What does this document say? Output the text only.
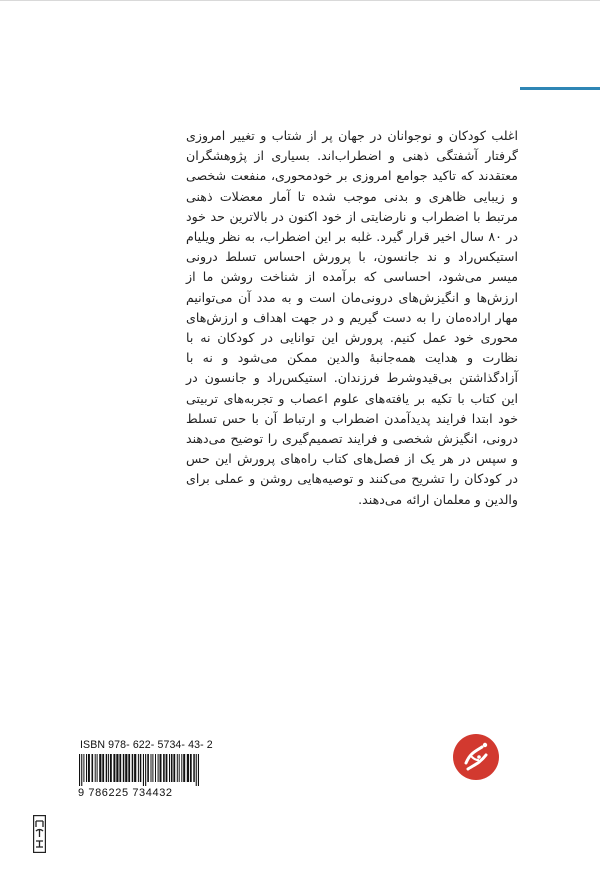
اغلب کودکان و نوجوانان در جهان پر از شتاب و تغییر امروزی گرفتار آشفتگی ذهنی و اضطراب‌اند. بسیاری از پژوهشگران معتقدند که تاکید جوامع امروزی بر خودمحوری، منفعت شخصی و زیبایی ظاهری و بدنی موجب شده تا آمار معضلات ذهنی مرتبط با اضطراب و نارضایتی از خود اکنون در بالاترین حد خود در ۸۰ سال اخیر قرار گیرد. غلبه بر این اضطراب، به نظر ویلیام استیکس‌راد و ند جانسون، با پرورش احساس تسلط درونی میسر می‌شود، احساسی که برآمده از شناخت روشن ما از ارزش‌ها و انگیزش‌های درونی‌مان است و به مدد آن می‌توانیم مهار اراده‌مان را به دست گیریم و در جهت اهداف و ارزش‌های محوری خود عمل کنیم. پرورش این توانایی در کودکان نه با نظارت و هدایت همه‌جانبهٔ والدین ممکن می‌شود و نه با آزادگذاشتن بی‌قیدوشرط فرزندان. استیکس‌راد و جانسون در این کتاب با تکیه بر یافته‌های علوم اعصاب و تجربه‌های تربیتی خود ابتدا فرایند پدیدآمدن اضطراب و ارتباط آن با حس تسلط درونی، انگیزش شخصی و فرایند تصمیم‌گیری را توضیح می‌دهند و سپس در هر یک از فصل‌های کتاب راه‌های پرورش این حس در کودکان را تشریح می‌کنند و توصیه‌هایی روشن و عملی برای والدین و معلمان ارائه می‌دهند.

ISBN 978- 622- 5734- 43- 2
9 786225 734432
